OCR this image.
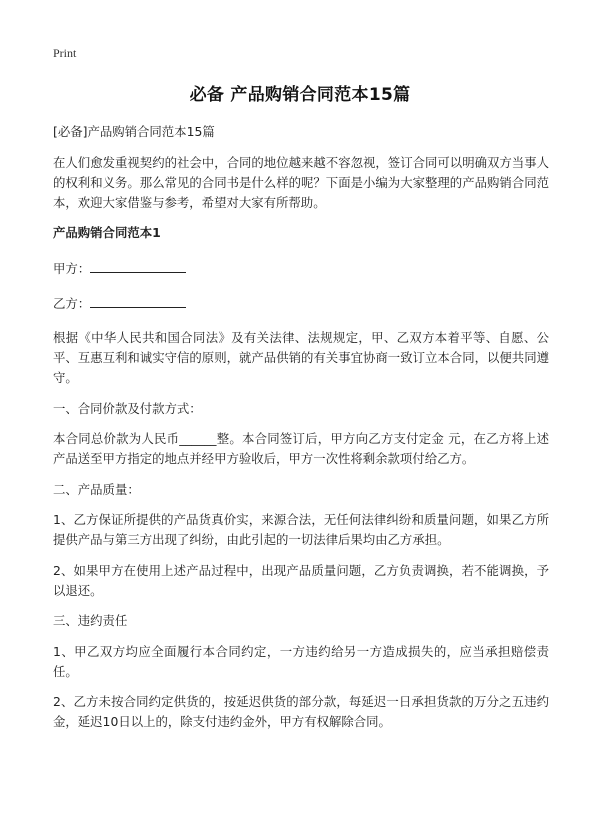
Print
必备 产品购销合同范本15篇

[必备]产品购销合同范本15篇

在人们愈发重视契约的社会中，合同的地位越来越不容忽视，签订合同可以明确双方当事人的权利和义务。那么常见的合同书是什么样的呢？下面是小编为大家整理的产品购销合同范本，欢迎大家借鉴与参考，希望对大家有所帮助。

产品购销合同范本1

甲方：

乙方：

根据《中华人民共和国合同法》及有关法律、法规规定，甲、乙双方本着平等、自愿、公平、互惠互利和诚实守信的原则，就产品供销的有关事宜协商一致订立本合同，以便共同遵守。

一、合同价款及付款方式：

本合同总价款为人民币______整。本合同签订后，甲方向乙方支付定金 元，在乙方将上述产品送至甲方指定的地点并经甲方验收后，甲方一次性将剩余款项付给乙方。

二、产品质量：

1、乙方保证所提供的产品货真价实，来源合法，无任何法律纠纷和质量问题，如果乙方所提供产品与第三方出现了纠纷，由此引起的一切法律后果均由乙方承担。

2、如果甲方在使用上述产品过程中，出现产品质量问题，乙方负责调换，若不能调换，予以退还。

三、违约责任

1、甲乙双方均应全面履行本合同约定，一方违约给另一方造成损失的，应当承担赔偿责任。

2、乙方未按合同约定供货的，按延迟供货的部分款，每延迟一日承担货款的万分之五违约金，延迟10日以上的，除支付违约金外，甲方有权解除合同。
